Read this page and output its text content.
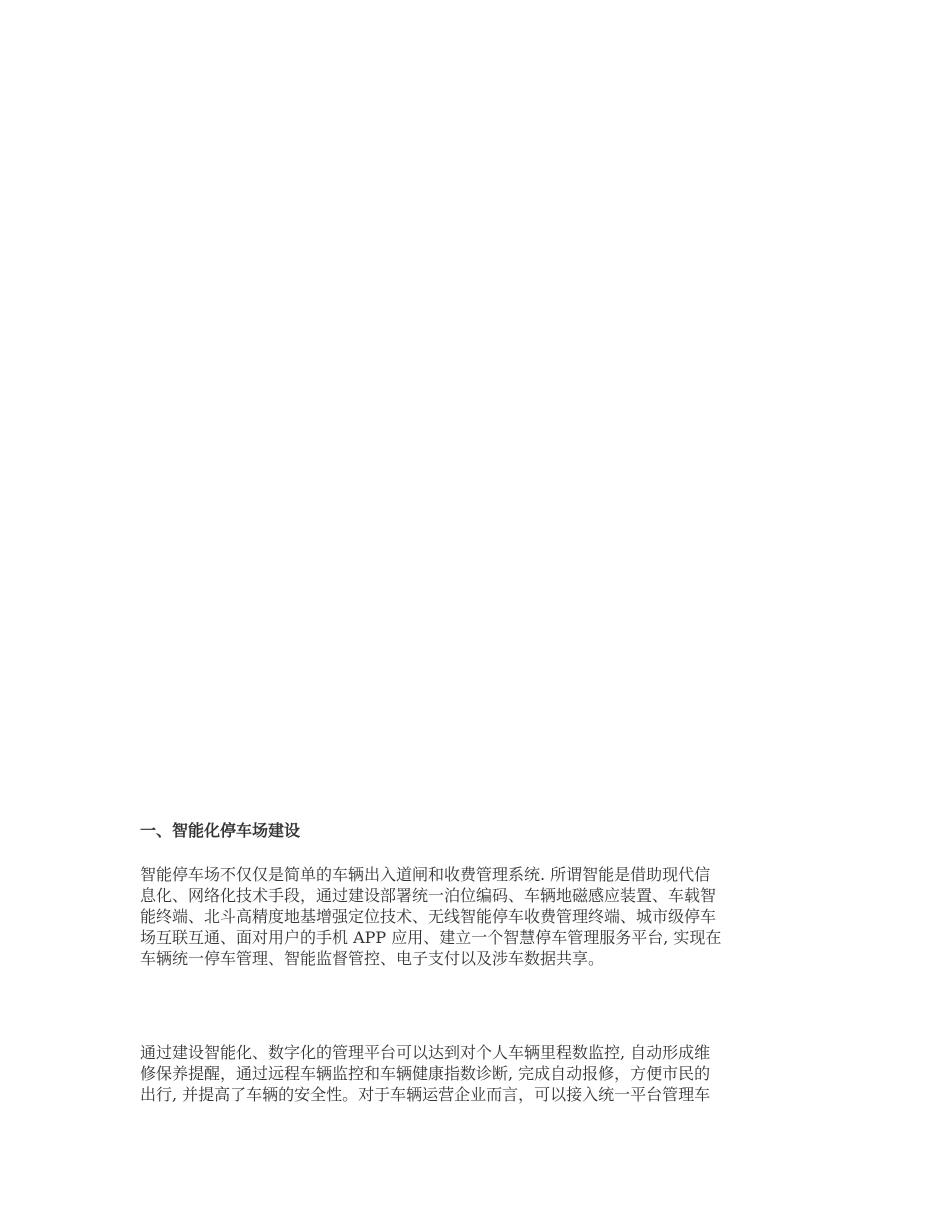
一、智能化停车场建设
智能停车场不仅仅是简单的车辆出入道闸和收费管理系统. 所谓智能是借助现代信
息化、网络化技术手段，通过建设部署统一泊位编码、车辆地磁感应装置、车载智
能终端、北斗高精度地基增强定位技术、无线智能停车收费管理终端、城市级停车
场互联互通、面对用户的手机 APP 应用、建立一个智慧停车管理服务平台, 实现在
车辆统一停车管理、智能监督管控、电子支付以及涉车数据共享。
通过建设智能化、数字化的管理平台可以达到对个人车辆里程数监控, 自动形成维
修保养提醒，通过远程车辆监控和车辆健康指数诊断, 完成自动报修，方便市民的
出行, 并提高了车辆的安全性。对于车辆运营企业而言，可以接入统一平台管理车
